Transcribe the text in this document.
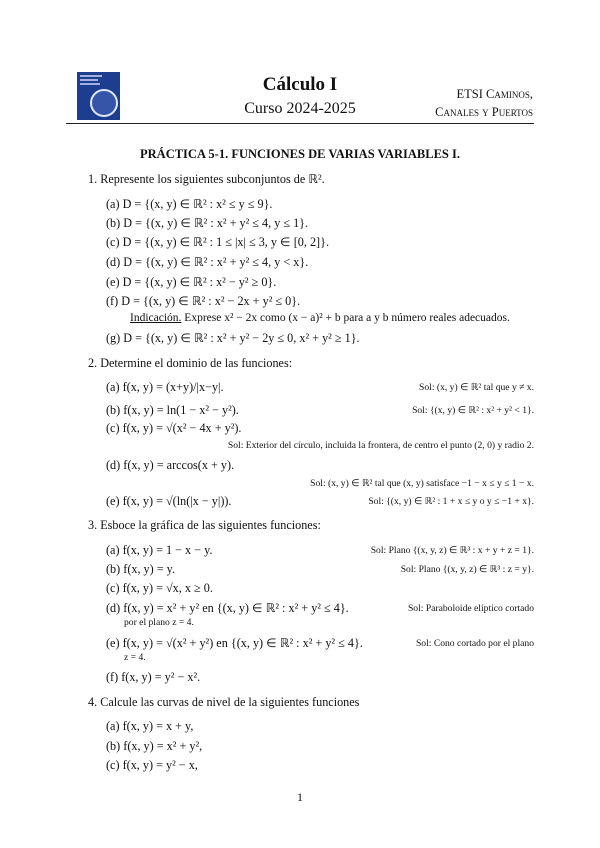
Cálculo I
Curso 2024-2025
ETSI Caminos,
Canales y Puertos
PRÁCTICA 5-1. FUNCIONES DE VARIAS VARIABLES I.
1. Represente los siguientes subconjuntos de ℝ².
(a) D = {(x, y) ∈ ℝ² : x² ≤ y ≤ 9}.
(b) D = {(x, y) ∈ ℝ² : x² + y² ≤ 4, y ≤ 1}.
(c) D = {(x, y) ∈ ℝ² : 1 ≤ |x| ≤ 3, y ∈ [0, 2]}.
(d) D = {(x, y) ∈ ℝ² : x² + y² ≤ 4, y < x}.
(e) D = {(x, y) ∈ ℝ² : x² − y² ≥ 0}.
(f) D = {(x, y) ∈ ℝ² : x² − 2x + y² ≤ 0}.
Indicación. Exprese x² − 2x como (x − a)² + b para a y b número reales adecuados.
(g) D = {(x, y) ∈ ℝ² : x² + y² − 2y ≤ 0, x² + y² ≥ 1}.
2. Determine el dominio de las funciones:
(a) f(x, y) = (x+y)/|x−y|.	Sol: (x, y) ∈ ℝ² tal que y ≠ x.
(b) f(x, y) = ln(1 − x² − y²).	Sol: {(x, y) ∈ ℝ² : x² + y² < 1}.
(c) f(x, y) = √(x² − 4x + y²).
Sol: Exterior del círculo, incluida la frontera, de centro el punto (2, 0) y radio 2.
(d) f(x, y) = arccos(x + y).
Sol: (x, y) ∈ ℝ² tal que (x, y) satisface −1 − x ≤ y ≤ 1 − x.
(e) f(x, y) = √(ln(|x − y|)).	Sol: {(x, y) ∈ ℝ² : 1 + x ≤ y o y ≤ −1 + x}.
3. Esboce la gráfica de las siguientes funciones:
(a) f(x, y) = 1 − x − y.	Sol: Plano {(x, y, z) ∈ ℝ³ : x + y + z = 1}.
(b) f(x, y) = y.	Sol: Plano {(x, y, z) ∈ ℝ³ : z = y}.
(c) f(x, y) = √x, x ≥ 0.
(d) f(x, y) = x² + y² en {(x, y) ∈ ℝ² : x² + y² ≤ 4}.	Sol: Paraboloide elíptico cortado
por el plano z = 4.
(e) f(x, y) = √(x² + y²) en {(x, y) ∈ ℝ² : x² + y² ≤ 4}.	Sol: Cono cortado por el plano
z = 4.
(f) f(x, y) = y² − x².
4. Calcule las curvas de nivel de la siguientes funciones
(a) f(x, y) = x + y,
(b) f(x, y) = x² + y²,
(c) f(x, y) = y² − x,
1
